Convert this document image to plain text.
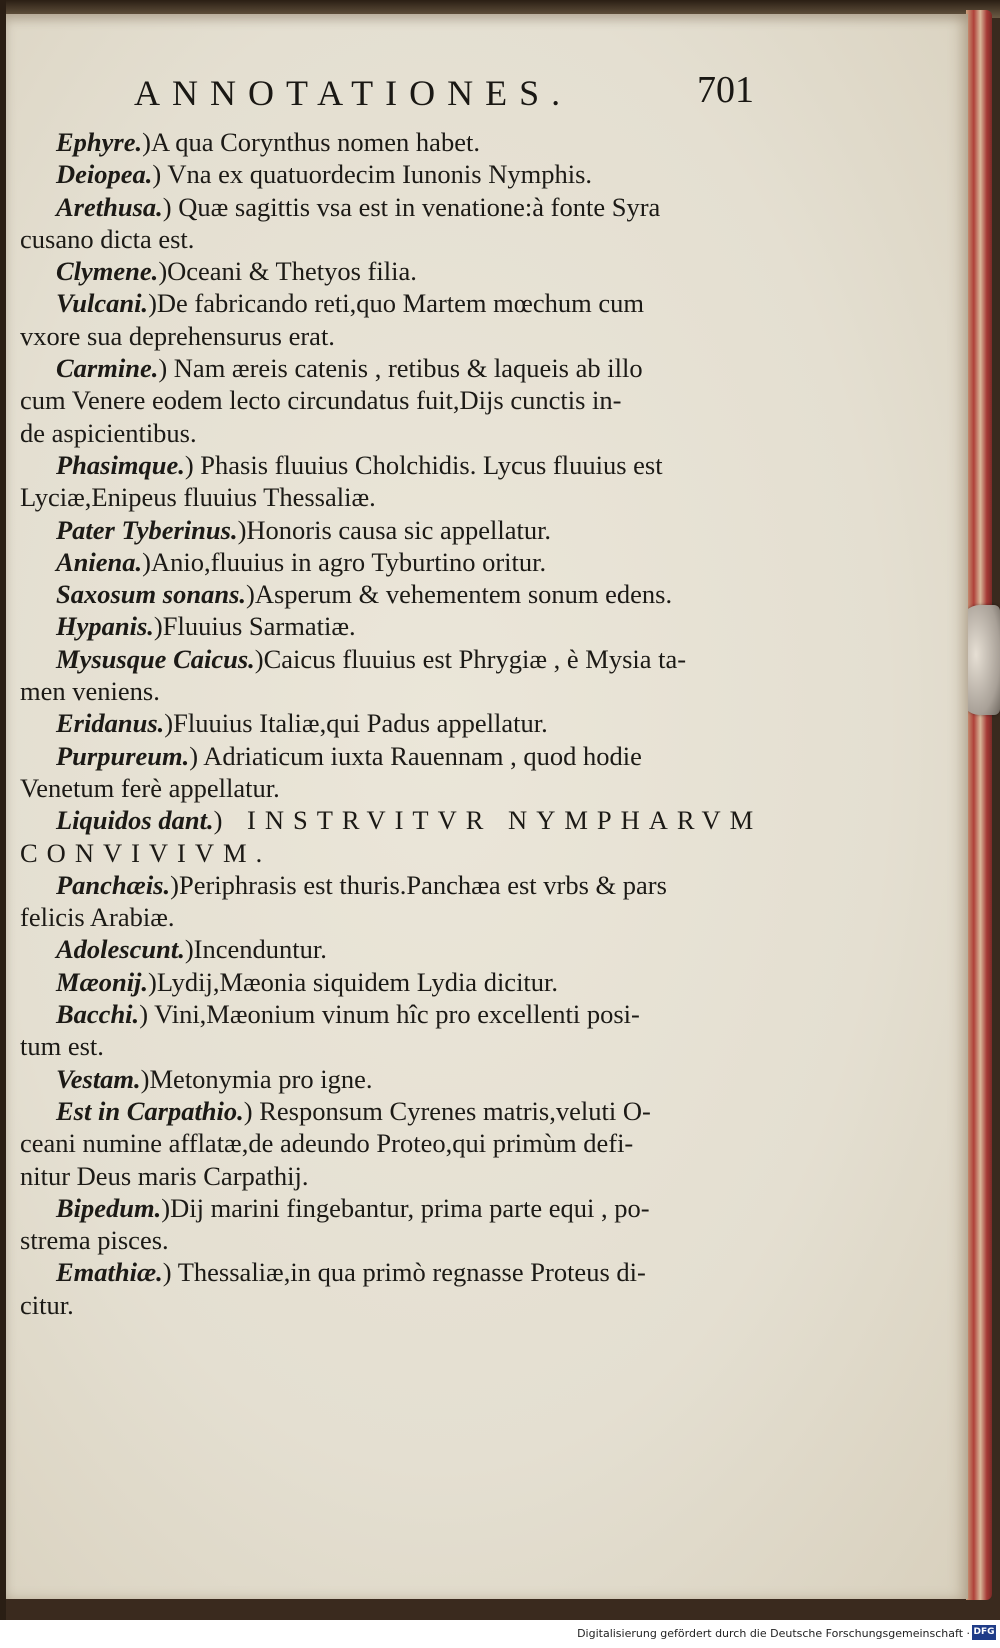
ANNOTATIONES.	701
Ephyre.)A qua Corynthus nomen habet.
Deiopea.) Vna ex quatuordecim Iunonis Nymphis.
Arethusa.) Quæ sagittis vsa est in venatione:à fonte Syra
cusano dicta est.
Clymene.)Oceani & Thetyos filia.
Vulcani.)De fabricando reti,quo Martem mœchum cum
vxore sua deprehensurus erat.
Carmine.) Nam æreis catenis , retibus & laqueis ab illo
cum Venere eodem lecto circundatus fuit,Dijs cunctis in-
de aspicientibus.
Phasimque.) Phasis fluuius Cholchidis. Lycus fluuius est
Lyciæ,Enipeus fluuius Thessaliæ.
Pater Tyberinus.)Honoris causa sic appellatur.
Aniena.)Anio,fluuius in agro Tyburtino oritur.
Saxosum sonans.)Asperum & vehementem sonum edens.
Hypanis.)Fluuius Sarmatiæ.
Mysusque Caicus.)Caicus fluuius est Phrygiæ , è Mysia ta-
men veniens.
Eridanus.)Fluuius Italiæ,qui Padus appellatur.
Purpureum.) Adriaticum iuxta Rauennam , quod hodie
Venetum ferè appellatur.
Liquidos dant.) INSTRVITVR NYMPHARVM
CONVIVIVM.
Panchæis.)Periphrasis est thuris.Panchæa est vrbs & pars
felicis Arabiæ.
Adolescunt.)Incenduntur.
Mæonij.)Lydij,Mæonia siquidem Lydia dicitur.
Bacchi.) Vini,Mæonium vinum hîc pro excellenti posi-
tum est.
Vestam.)Metonymia pro igne.
Est in Carpathio.) Responsum Cyrenes matris,veluti O-
ceani numine afflatæ,de adeundo Proteo,qui primùm defi-
nitur Deus maris Carpathij.
Bipedum.)Dij marini fingebantur, prima parte equi , po-
strema pisces.
Emathiæ.) Thessaliæ,in qua primò regnasse Proteus di-
citur.
Digitalisierung gefördert durch die Deutsche Forschungsgemeinschaft · DFG
